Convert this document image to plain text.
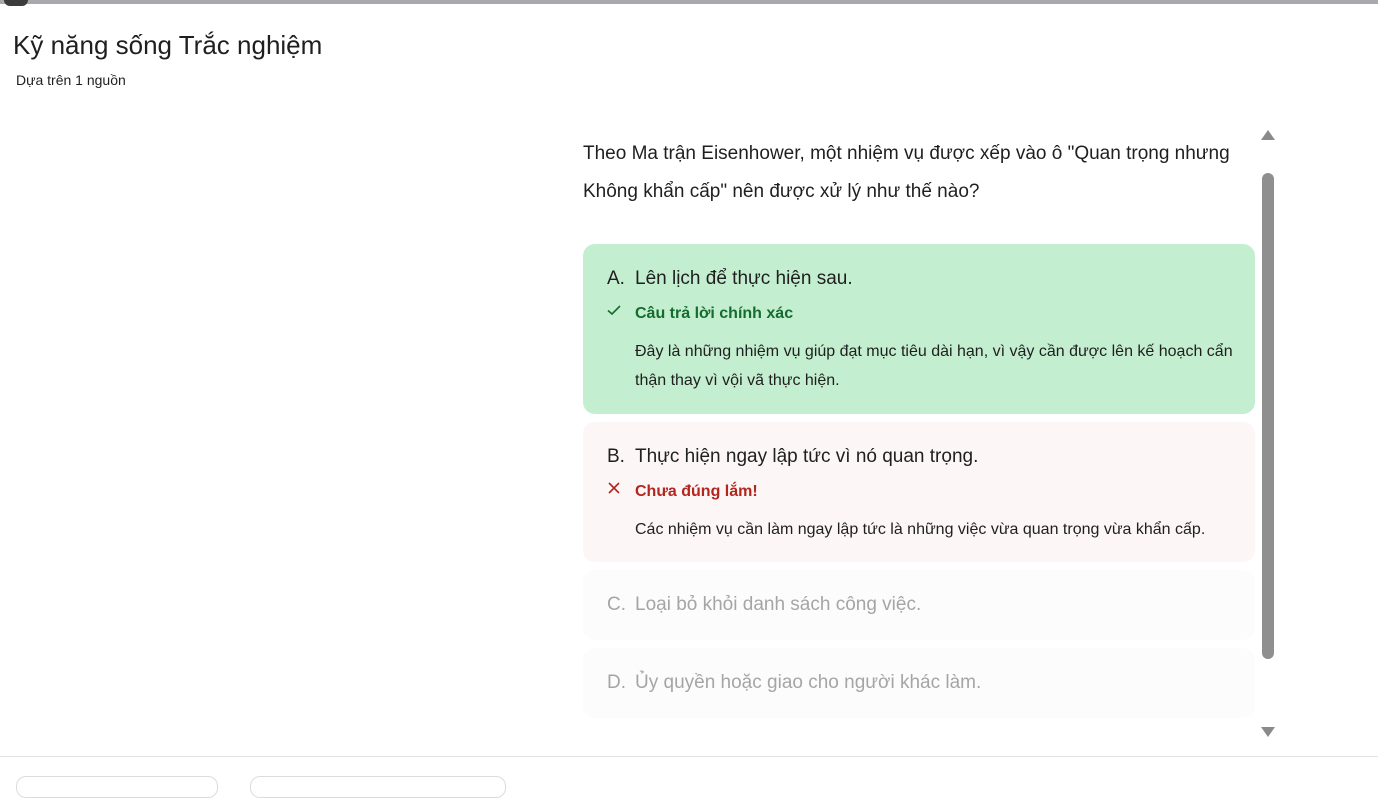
Kỹ năng sống Trắc nghiệm
Dựa trên 1 nguồn
Theo Ma trận Eisenhower, một nhiệm vụ được xếp vào ô "Quan trọng nhưng Không khẩn cấp" nên được xử lý như thế nào?
A. Lên lịch để thực hiện sau.
Câu trả lời chính xác
Đây là những nhiệm vụ giúp đạt mục tiêu dài hạn, vì vậy cần được lên kế hoạch cẩn thận thay vì vội vã thực hiện.
B. Thực hiện ngay lập tức vì nó quan trọng.
Chưa đúng lắm!
Các nhiệm vụ cần làm ngay lập tức là những việc vừa quan trọng vừa khẩn cấp.
C. Loại bỏ khỏi danh sách công việc.
D. Ủy quyền hoặc giao cho người khác làm.
